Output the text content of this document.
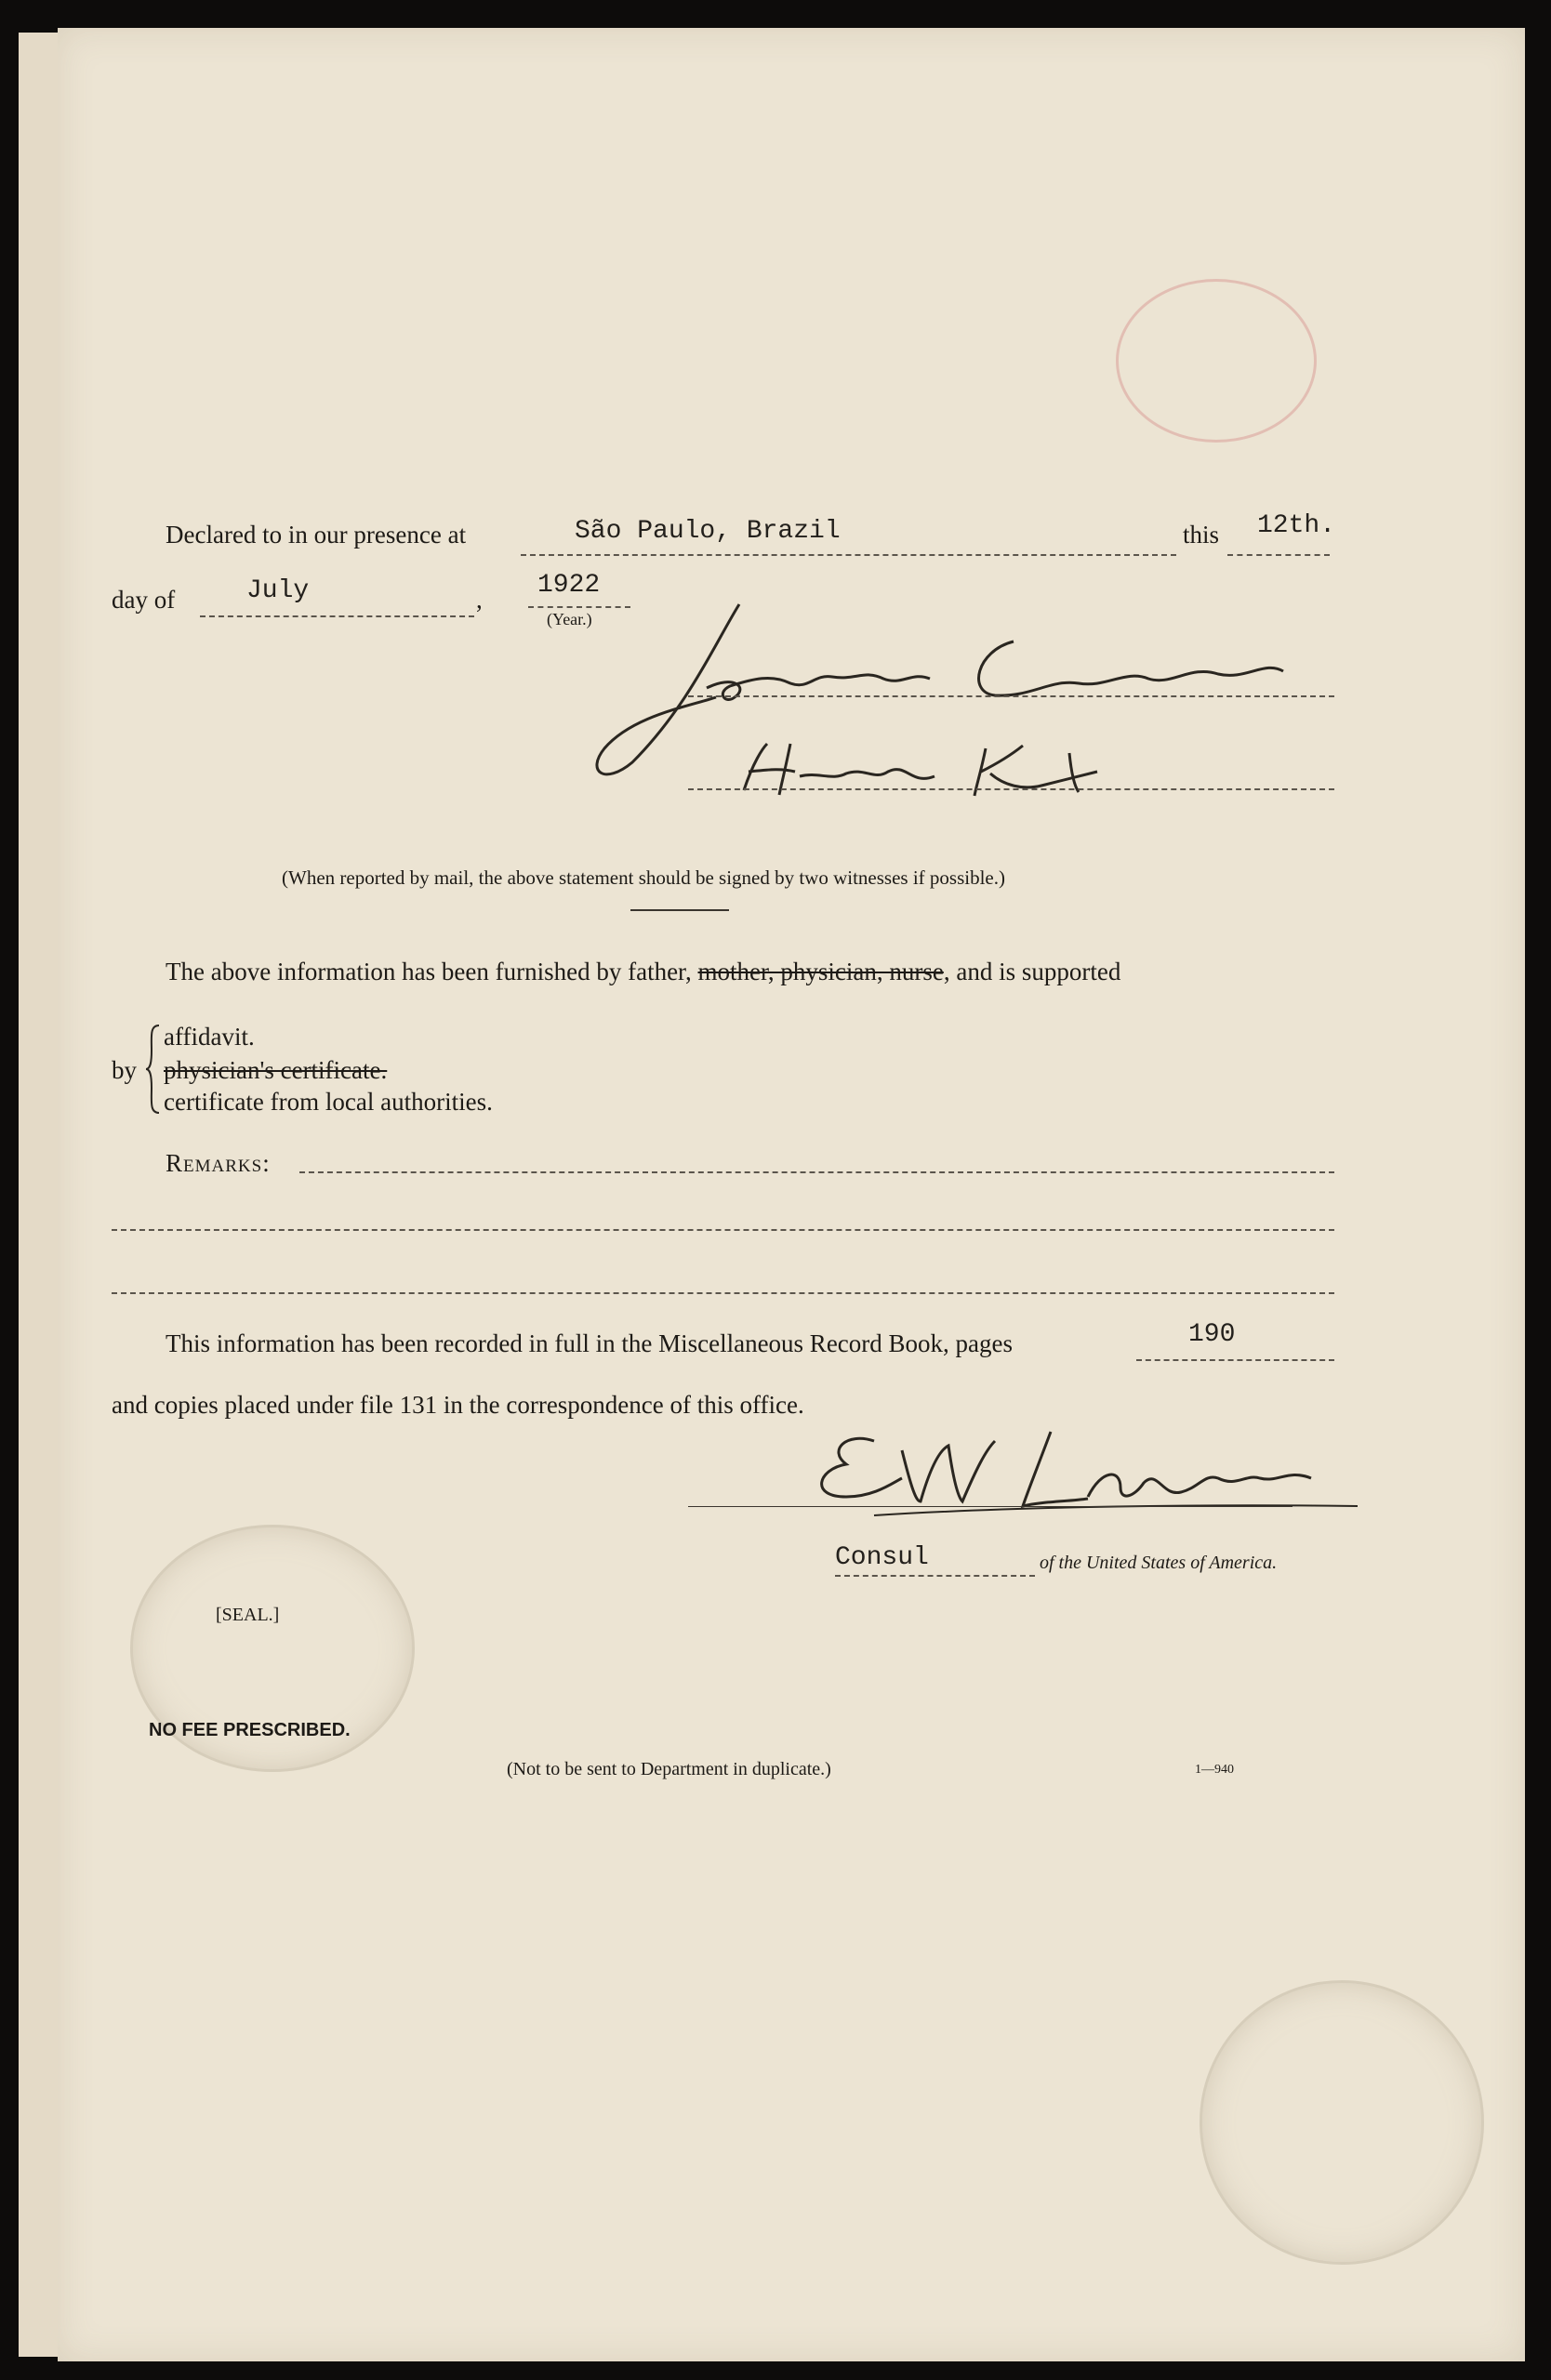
Declared to in our presence at	São Paulo, Brazil	this 12th.
day of	July	, 1922
(Year.)
(When reported by mail, the above statement should be signed by two witnesses if possible.)
The above information has been furnished by father, mother, physician, nurse, and is supported
by
affidavit.
physician's certificate.
certificate from local authorities.
Remarks:
This information has been recorded in full in the Miscellaneous Record Book, pages	190
and copies placed under file 131 in the correspondence of this office.
Consul	of the United States of America.
[SEAL.]
NO FEE PRESCRIBED.
(Not to be sent to Department in duplicate.)	1—940
